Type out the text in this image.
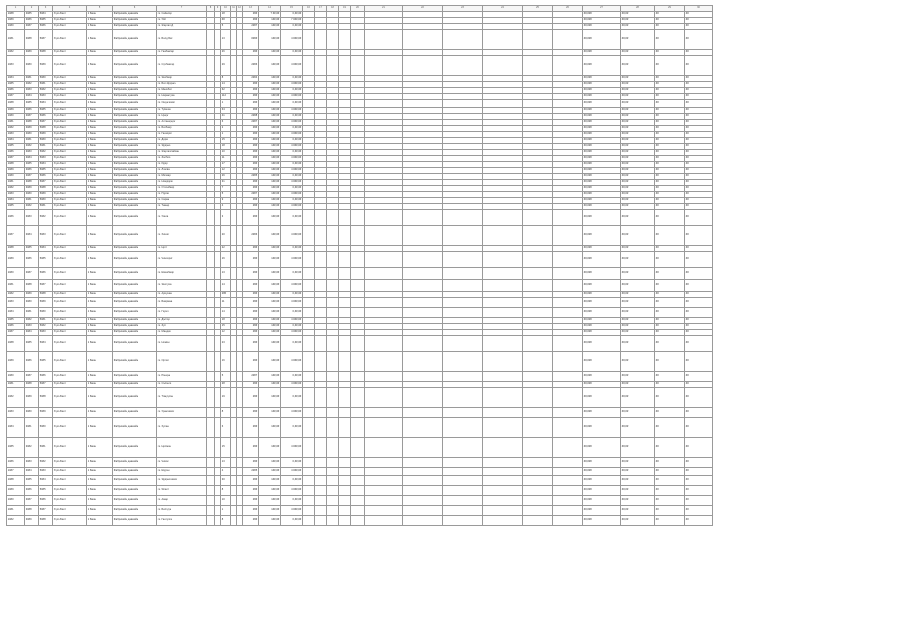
1	2	3	4	5	6	7	8	9	10	11	12	13	14	15	16	17	18	19	20	21	22	23	24	25	26	27	28	29	30
1##8	3##5	5##4	Хүхэ Балт	1 Баян	Фабрикийн давжийн	гэ. Сайнсэр			18			###	7 ##,##	0,##,##												##,###	##,##	##	##
1##9	3##6	5##5	Хүхэ Балт	1 Баян	Фабрикийн давжийн	гэ. Уйл			##			###	1##,##	7 ###,##												##,###	##,##	##	##
1##0	3##7	5##6	Хүхэ Балт	1 Баян	Фабрикийн давжийн	гэ. Жаргал Д			5			2##7	1##,##	0,##,##												##,###	##,##	##	##
1##1	3##8	5##7	Хүхэ Балт	1 Баян	Фабрикийн давжийн	гэ. Болд Бат			13			####	1##,##	4 ###,##												##,###	##,##	##	##
1##2	3##9	5##8	Хүхэ Балт	1 Баян	Фабрикийн давжийн	гэ. Ганбаатар			26			###	1##,##	0,##,##												##,###	##,##	##	##
1##3	3##0	5##9	Хүхэ Балт	1 Баян	Фабрикийн давжийн	гэ. Сүхбаатар			29			2##6	1##,##	4 ###,##												##,###	##,##	##	##
1##4	3##1	5##0	Хүхэ Балт	1 Баян	Фабрикийн давжийн	гэ. Энхбаяр			8			2##4	1##,##	0,##,##												##,###	##,##	##	##
1##5	3##2	5##1	Хүхэ Балт	1 Баян	Фабрикийн давжийн	гэ. Бат-Эрдэнэ			14			###	1##,##	4 ###,##												##,###	##,##	##	##
1##6	3##3	5##2	Хүхэ Балт	1 Баян	Фабрикийн давжийн	гэ. Мөнхбат			62			###	1##,##	0,##,##												##,###	##,##	##	##
1##7	3##4	5##3	Хүхэ Балт	1 Баян	Фабрикийн давжийн	гэ. Нарантуяа			112			###	1##,##	4 ###,##												##,###	##,##	##	##
1##8	3##5	5##4	Хүхэ Балт	1 Баян	Фабрикийн давжийн	гэ. Оюунчимэг			1			###	1##,##	0,##,##												##,###	##,##	##	##
1##9	3##6	5##5	Хүхэ Балт	1 Баян	Фабрикийн давжийн	гэ. Түвшин			64			###	1##,##	4 ###,##												##,###	##,##	##	##
1##0	3##7	5##6	Хүхэ Балт	1 Баян	Фабрикийн давжийн	гэ. Цэцэг			41			2##8	1##,##	0,##,##												##,###	##,##	##	##
1##1	3##8	5##7	Хүхэ Балт	1 Баян	Фабрикийн давжийн	гэ. Алтанцэцэг			6			2##7	1##,##	4 ###,##												##,###	##,##	##	##
1##2	3##9	5##8	Хүхэ Балт	1 Баян	Фабрикийн давжийн	гэ. Батбаяр			2			###	1##,##	0,##,##												##,###	##,##	##	##
1##3	3##0	5##9	Хүхэ Балт	1 Баян	Фабрикийн давжийн	гэ. Ганзориг			1			###	1##,##	4 ###,##												##,###	##,##	##	##
1##4	3##1	5##0	Хүхэ Балт	1 Баян	Фабрикийн давжийн	гэ. Дорж			15			###	1##,##	0,##,##												##,###	##,##	##	##
1##5	3##2	5##1	Хүхэ Балт	1 Баян	Фабрикийн давжийн	гэ. Эрдэнэ			18			###	1##,##	4 ###,##												##,###	##,##	##	##
1##6	3##3	5##2	Хүхэ Балт	1 Баян	Фабрикийн давжийн	гэ. Жаргалсайхан			10			###	1##,##	0,##,##												##,###	##,##	##	##
1##7	3##4	5##3	Хүхэ Балт	1 Баян	Фабрикийн давжийн	гэ. Золбоо			11			###	1##,##	4 ###,##												##,###	##,##	##	##
1##8	3##5	5##4	Хүхэ Балт	1 Баян	Фабрикийн давжийн	гэ. Идэр			17			###	1##,##	0,##,##												##,###	##,##	##	##
1##9	3##6	5##5	Хүхэ Балт	1 Баян	Фабрикийн давжийн	гэ. Лхагва			12			###	1##,##	4 ###,##												##,###	##,##	##	##
1##0	3##7	5##6	Хүхэ Балт	1 Баян	Фабрикийн давжийн	гэ. Мягмар			26			2##5	1##,##	0,##,##												##,###	##,##	##	##
1##1	3##8	5##7	Хүхэ Балт	1 Баян	Фабрикийн давжийн	гэ. Нямдорж			31			###	1##,##	4 ###,##												##,###	##,##	##	##
1##2	3##9	5##8	Хүхэ Балт	1 Баян	Фабрикийн давжийн	гэ. Отгонбаяр			7			###	1##,##	0,##,##												##,###	##,##	##	##
1##3	3##0	5##9	Хүхэ Балт	1 Баян	Фабрикийн давжийн	гэ. Пүрэв			5			2##7	1##,##	4 ###,##												##,###	##,##	##	##
1##4	3##1	5##0	Хүхэ Балт	1 Баян	Фабрикийн давжийн	гэ. Саран			9			###	1##,##	0,##,##												##,###	##,##	##	##
1##5	3##2	5##1	Хүхэ Балт	1 Баян	Фабрикийн давжийн	гэ. Төмөр			4			###	1##,##	4 ###,##												##,###	##,##	##	##
1##6	3##3	5##2	Хүхэ Балт	1 Баян	Фабрикийн давжийн	гэ. Уянга			3			###	1##,##	0,##,##												##,###	##,##	##	##
1##7	3##4	5##3	Хүхэ Балт	1 Баян	Фабрикийн давжийн	гэ. Хишиг			20			2##6	1##,##	4 ###,##												##,###	##,##	##	##
1##8	3##5	5##4	Хүхэ Балт	1 Баян	Фабрикийн давжийн	гэ. Цогт			22			###	1##,##	0,##,##												##,###	##,##	##	##
1##9	3##6	5##5	Хүхэ Балт	1 Баян	Фабрикийн давжийн	гэ. Чинзориг			16			###	1##,##	4 ###,##												##,###	##,##	##	##
1##0	3##7	5##6	Хүхэ Балт	1 Баян	Фабрикийн давжийн	гэ. Шинэбаяр			13			###	1##,##	0,##,##												##,###	##,##	##	##
1##1	3##8	5##7	Хүхэ Балт	1 Баян	Фабрикийн давжийн	гэ. Энхтуяа			14			###	1##,##	4 ###,##												##,###	##,##	##	##
1##2	3##9	5##8	Хүхэ Балт	1 Баян	Фабрикийн давжийн	гэ. Ариунаа			286			###	1##,##	0,##,##												##,###	##,##	##	##
1##3	3##0	5##9	Хүхэ Балт	1 Баян	Фабрикийн давжийн	гэ. Баярмаа			11			###	1##,##	4 ###,##												##,###	##,##	##	##
1##4	3##1	5##0	Хүхэ Балт	1 Баян	Фабрикийн давжийн	гэ. Гэрэл			14			###	1##,##	0,##,##												##,###	##,##	##	##
1##5	3##2	5##1	Хүхэ Балт	1 Баян	Фабрикийн давжийн	гэ. Дэлгэр			18			###	1##,##	4 ###,##												##,###	##,##	##	##
1##6	3##3	5##2	Хүхэ Балт	1 Баян	Фабрикийн давжийн	гэ. Зул			15			###	1##,##	0,##,##												##,###	##,##	##	##
1##7	3##4	5##3	Хүхэ Балт	1 Баян	Фабрикийн давжийн	гэ. Мандах			12			###	1##,##	4 ###,##												##,###	##,##	##	##
1##8	3##5	5##4	Хүхэ Балт	1 Баян	Фабрикийн давжийн	гэ. Номин			23			###	1##,##	0,##,##												##,###	##,##	##	##
1##9	3##6	5##5	Хүхэ Балт	1 Баян	Фабрикийн давжийн	гэ. Оргил			16			###	1##,##	4 ###,##												##,###	##,##	##	##
1##0	3##7	5##6	Хүхэ Балт	1 Баян	Фабрикийн давжийн	гэ. Рэнцэн			5			2##7	1##,##	0,##,##												##,###	##,##	##	##
1##1	3##8	5##7	Хүхэ Балт	1 Баян	Фабрикийн давжийн	гэ. Сэлэнгэ			28			###	1##,##	4 ###,##												##,###	##,##	##	##
1##2	3##9	5##8	Хүхэ Балт	1 Баян	Фабрикийн давжийн	гэ. Тэмүүлэн			19			###	1##,##	0,##,##												##,###	##,##	##	##
1##3	3##0	5##9	Хүхэ Балт	1 Баян	Фабрикийн давжийн	гэ. Уранчимэг			8			###	1##,##	4 ###,##												##,###	##,##	##	##
1##4	3##1	5##0	Хүхэ Балт	1 Баян	Фабрикийн давжийн	гэ. Хулан			6			###	1##,##	0,##,##												##,###	##,##	##	##
1##5	3##2	5##1	Хүхэ Балт	1 Баян	Фабрикийн давжийн	гэ. Цолмон			15			###	1##,##	4 ###,##												##,###	##,##	##	##
1##6	3##3	5##2	Хүхэ Балт	1 Баян	Фабрикийн давжийн	гэ. Чимэг			13			###	1##,##	0,##,##												##,###	##,##	##	##
1##7	3##4	5##3	Хүхэ Балт	1 Баян	Фабрикийн давжийн	гэ. Шүрэн			4			2##5	1##,##	4 ###,##												##,###	##,##	##	##
1##8	3##5	5##4	Хүхэ Балт	1 Баян	Фабрикийн давжийн	гэ. Эрдэнэчимэг			30			###	1##,##	0,##,##												##,###	##,##	##	##
1##9	3##6	5##5	Хүхэ Балт	1 Баян	Фабрикийн давжийн	гэ. Ялалт			8			###	1##,##	4 ###,##												##,###	##,##	##	##
1##0	3##7	5##6	Хүхэ Балт	1 Баян	Фабрикийн давжийн	гэ. Амар			10			###	1##,##	0,##,##												##,###	##,##	##	##
1##1	3##8	5##7	Хүхэ Балт	1 Баян	Фабрикийн давжийн	гэ. Билгүүн			1			###	1##,##	4 ###,##												##,###	##,##	##	##
1##2	3##9	5##8	Хүхэ Балт	1 Баян	Фабрикийн давжийн	гэ. Гантулга			8			###	1##,##	0,##,##												##,###	##,##	##	##
